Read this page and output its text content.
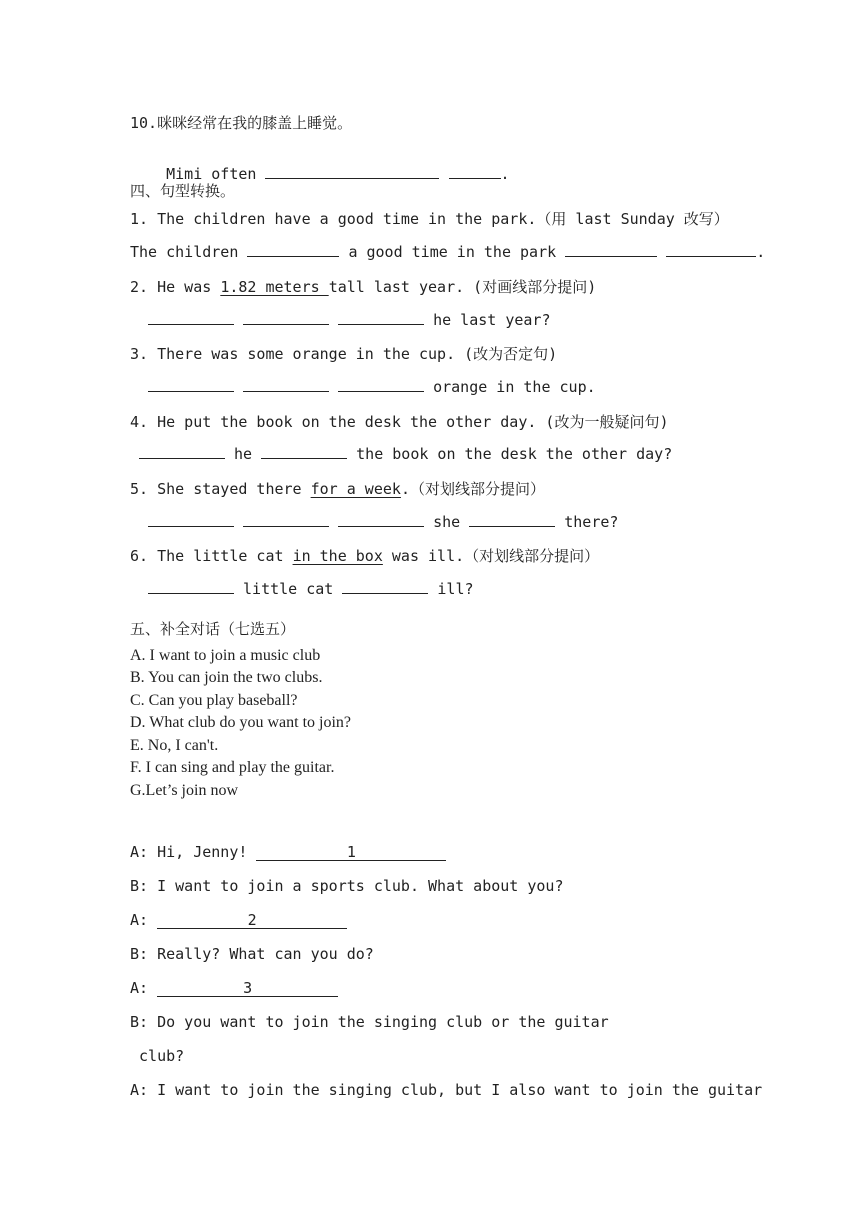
10.咪咪经常在我的膝盖上睡觉。

Mimi often	.

四、句型转换。
1. The children have a good time in the park.（用 last Sunday 改写）
The children	a good time in the park	.
2. He was 1.82 meters tall last year. (对画线部分提问)
he last year?
3. There was some orange in the cup. (改为否定句)
orange in the cup.
4. He put the book on the desk the other day. (改为一般疑问句)
he	the book on the desk the other day?
5. She stayed there for a week.（对划线部分提问）
she	there?
6. The little cat in the box was ill.（对划线部分提问）
little cat	ill?
五、补全对话（七选五）
A. I want to join a music club
B. You can join the two clubs.
C. Can you play baseball?
D. What club do you want to join?
E. No, I can't.
F. I can sing and play the guitar.
G.Let’s join now
A: Hi, Jenny!	1
B: I want to join a sports club. What about you?
A:	2
B: Really? What can you do?
A:	3
B: Do you want to join the singing club or the guitar
club?
A: I want to join the singing club, but I also want to join the guitar
